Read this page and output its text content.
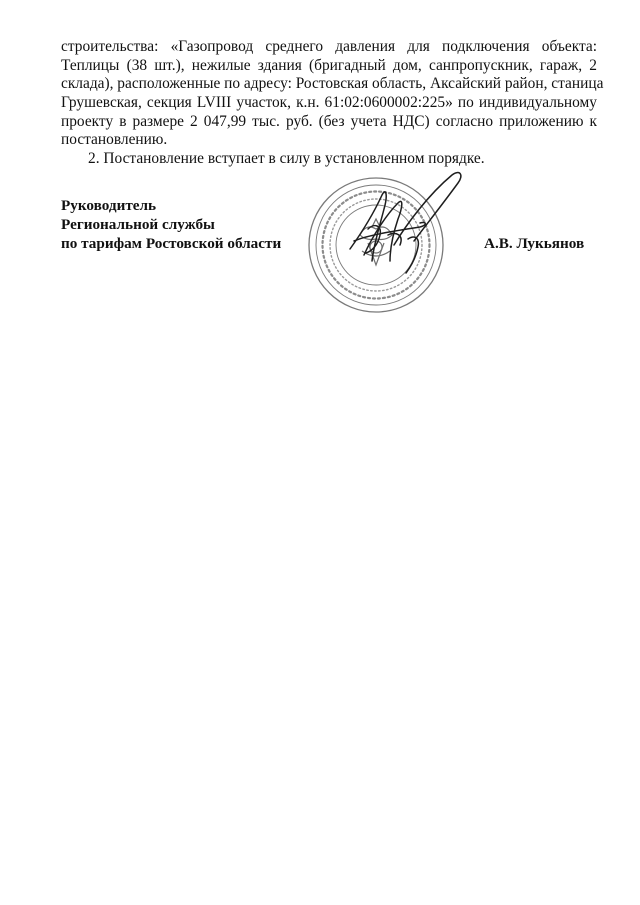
строительства: «Газопровод среднего давления для подключения объекта:
Теплицы (38 шт.), нежилые здания (бригадный дом, санпропускник, гараж, 2
склада), расположенные по адресу: Ростовская область, Аксайский район, станица
Грушевская, секция LVIII участок, к.н. 61:02:0600002:225» по индивидуальному
проекту в размере 2 047,99 тыс. руб. (без учета НДС) согласно приложению к
постановлению.
2. Постановление вступает в силу в установленном порядке.
Руководитель
Региональной службы
по тарифам Ростовской области	А.В. Лукьянов
